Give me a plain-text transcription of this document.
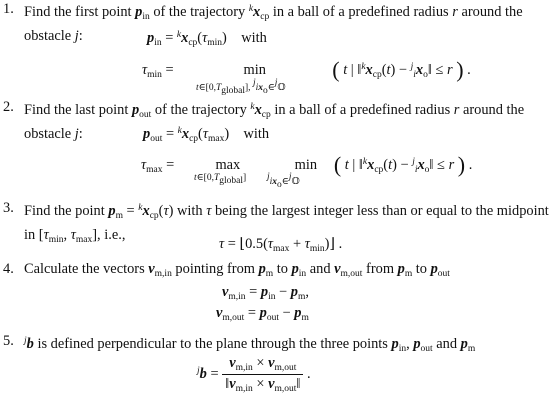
1. Find the first point $p_{in}$ of the trajectory $^kx_{cp}$ in a ball of a predefined radius r around the obstacle j:	$p_{in} = ^kx_{cp}(\tau_{min})$    with
$\tau_{min}$ =	min	( t | $‖^kx_{cp}(t)$ − $^j_ix_o‖ \le r$ ) .
$t\in[0,T_{global}]$, $^jix_o\in^j𝕆$
2. Find the last point $p_{out}$ of the trajectory $^kx_{cp}$ in a ball of a predefined radius r around the obstacle j:	$p_{out} = ^kx_{cp}(\tau_{max})$    with
$\tau_{max}$ =	max	min ( t | $‖^kx_{cp}(t)$ − $^j_ix_o‖ \le r$ ) .
$t\in[0,T_{global}]$ $^jix_o\in^j𝕆$
3. Find the point $p_m = ^kx_{cp}(\tau)$ with τ being the largest integer less than or equal to the midpoint in [$\tau_{min}$, $\tau_{max}$], i.e.,
$\tau = ⌊0.5(\tau_{max}$ + $\tau_{min})⌋$ .
4. Calculate the vectors $v_{m,in}$ pointing from $p_m$ to $p_{in}$ and $v_{m,out}$ from $p_m$ to $p_{out}$
$v_{m,in} = p_{in} - p_m$,
$v_{m,out} = p_{out} - p_m$
5. $^j$b is defined perpendicular to the plane through the three points $p_{in}$, $p_{out}$ and $p_m$
$^jb = \frac{v_{m,in} \times v_{m,out}}{‖v_{m,in} \times v_{m,out}‖}$ .
